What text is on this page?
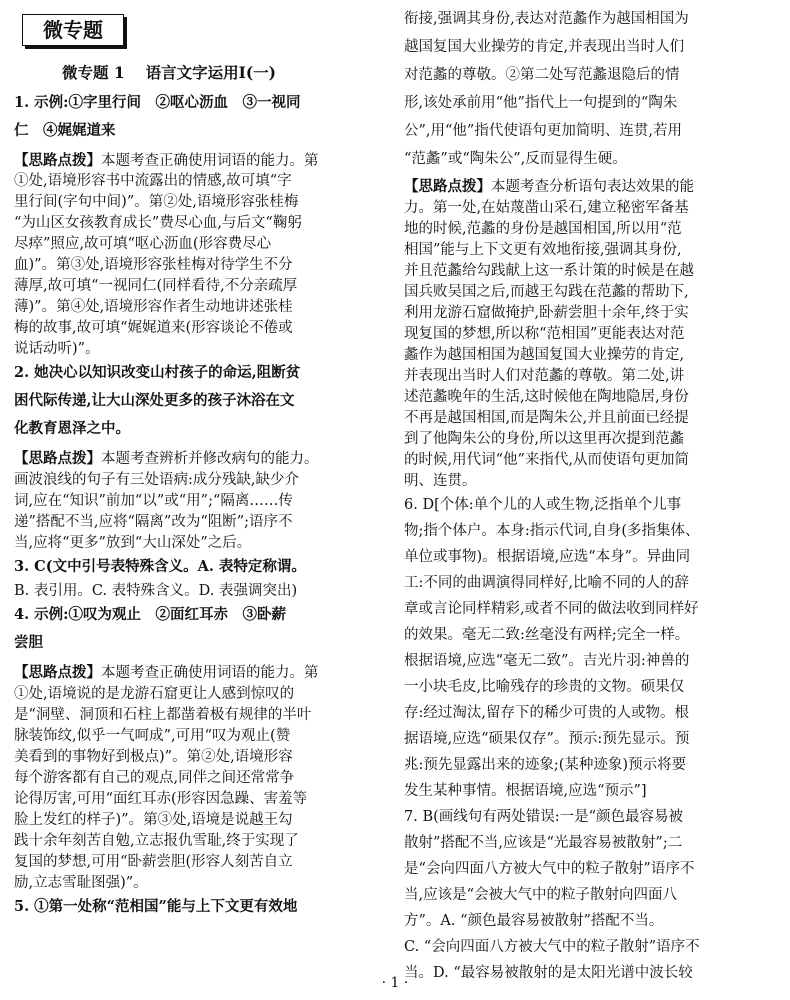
微专题
微专题 1　 语言文字运用Ⅰ(一)
1. 示例:①字里行间　②呕心沥血　③一视同
仁　④娓娓道来
【思路点拨】本题考查正确使用词语的能力。第
①处,语境形容书中流露出的情感,故可填“字
里行间(字句中间)”。第②处,语境形容张桂梅
“为山区女孩教育成长”费尽心血,与后文“鞠躬
尽瘁”照应,故可填“呕心沥血(形容费尽心
血)”。第③处,语境形容张桂梅对待学生不分
薄厚,故可填“一视同仁(同样看待,不分亲疏厚
薄)”。第④处,语境形容作者生动地讲述张桂
梅的故事,故可填“娓娓道来(形容谈论不倦或
说话动听)”。
2. 她决心以知识改变山村孩子的命运,阻断贫
困代际传递,让大山深处更多的孩子沐浴在文
化教育恩泽之中。
【思路点拨】本题考查辨析并修改病句的能力。
画波浪线的句子有三处语病:成分残缺,缺少介
词,应在“知识”前加“以”或“用”;“隔离……传
递”搭配不当,应将“隔离”改为“阻断”;语序不
当,应将“更多”放到“大山深处”之后。
3. C(文中引号表特殊含义。A. 表特定称谓。
B. 表引用。C. 表特殊含义。D. 表强调突出)
4. 示例:①叹为观止　②面红耳赤　③卧薪
尝胆
【思路点拨】本题考查正确使用词语的能力。第
①处,语境说的是龙游石窟更让人感到惊叹的
是“洞壁、洞顶和石柱上都凿着极有规律的半叶
脉装饰纹,似乎一气呵成”,可用“叹为观止(赞
美看到的事物好到极点)”。第②处,语境形容
每个游客都有自己的观点,同伴之间还常常争
论得厉害,可用“面红耳赤(形容因急躁、害羞等
脸上发红的样子)”。第③处,语境是说越王勾
践十余年刻苦自勉,立志报仇雪耻,终于实现了
复国的梦想,可用“卧薪尝胆(形容人刻苦自立
励,立志雪耻图强)”。
5. ①第一处称“范相国”能与上下文更有效地
衔接,强调其身份,表达对范蠡作为越国相国为
越国复国大业操劳的肯定,并表现出当时人们
对范蠡的尊敬。②第二处写范蠡退隐后的情
形,该处承前用“他”指代上一句提到的“陶朱
公”,用“他”指代使语句更加简明、连贯,若用
“范蠡”或“陶朱公”,反而显得生硬。
【思路点拨】本题考查分析语句表达效果的能
力。第一处,在姑蔑凿山采石,建立秘密军备基
地的时候,范蠡的身份是越国相国,所以用“范
相国”能与上下文更有效地衔接,强调其身份,
并且范蠡给勾践献上这一系计策的时候是在越
国兵败吴国之后,而越王勾践在范蠡的帮助下,
利用龙游石窟做掩护,卧薪尝胆十余年,终于实
现复国的梦想,所以称“范相国”更能表达对范
蠡作为越国相国为越国复国大业操劳的肯定,
并表现出当时人们对范蠡的尊敬。第二处,讲
述范蠡晚年的生活,这时候他在陶地隐居,身份
不再是越国相国,而是陶朱公,并且前面已经提
到了他陶朱公的身份,所以这里再次提到范蠡
的时候,用代词“他”来指代,从而使语句更加简
明、连贯。
6. D[个体:单个儿的人或生物,泛指单个儿事
物;指个体户。本身:指示代词,自身(多指集体、
单位或事物)。根据语境,应选“本身”。异曲同
工:不同的曲调演得同样好,比喻不同的人的辞
章或言论同样精彩,或者不同的做法收到同样好
的效果。毫无二致:丝毫没有两样;完全一样。
根据语境,应选“毫无二致”。吉光片羽:神兽的
一小块毛皮,比喻残存的珍贵的文物。硕果仅
存:经过淘汰,留存下的稀少可贵的人或物。根
据语境,应选“硕果仅存”。预示:预先显示。预
兆:预先显露出来的迹象;(某种迹象)预示将要
发生某种事情。根据语境,应选“预示”]
7. B(画线句有两处错误:一是“颜色最容易被
散射”搭配不当,应该是“光最容易被散射”;二
是“会向四面八方被大气中的粒子散射”语序不
当,应该是“会被大气中的粒子散射向四面八
方”。A. “颜色最容易被散射”搭配不当。
C. “会向四面八方被大气中的粒子散射”语序不
当。D. “最容易被散射的是太阳光谱中波长较
· 1 ·
